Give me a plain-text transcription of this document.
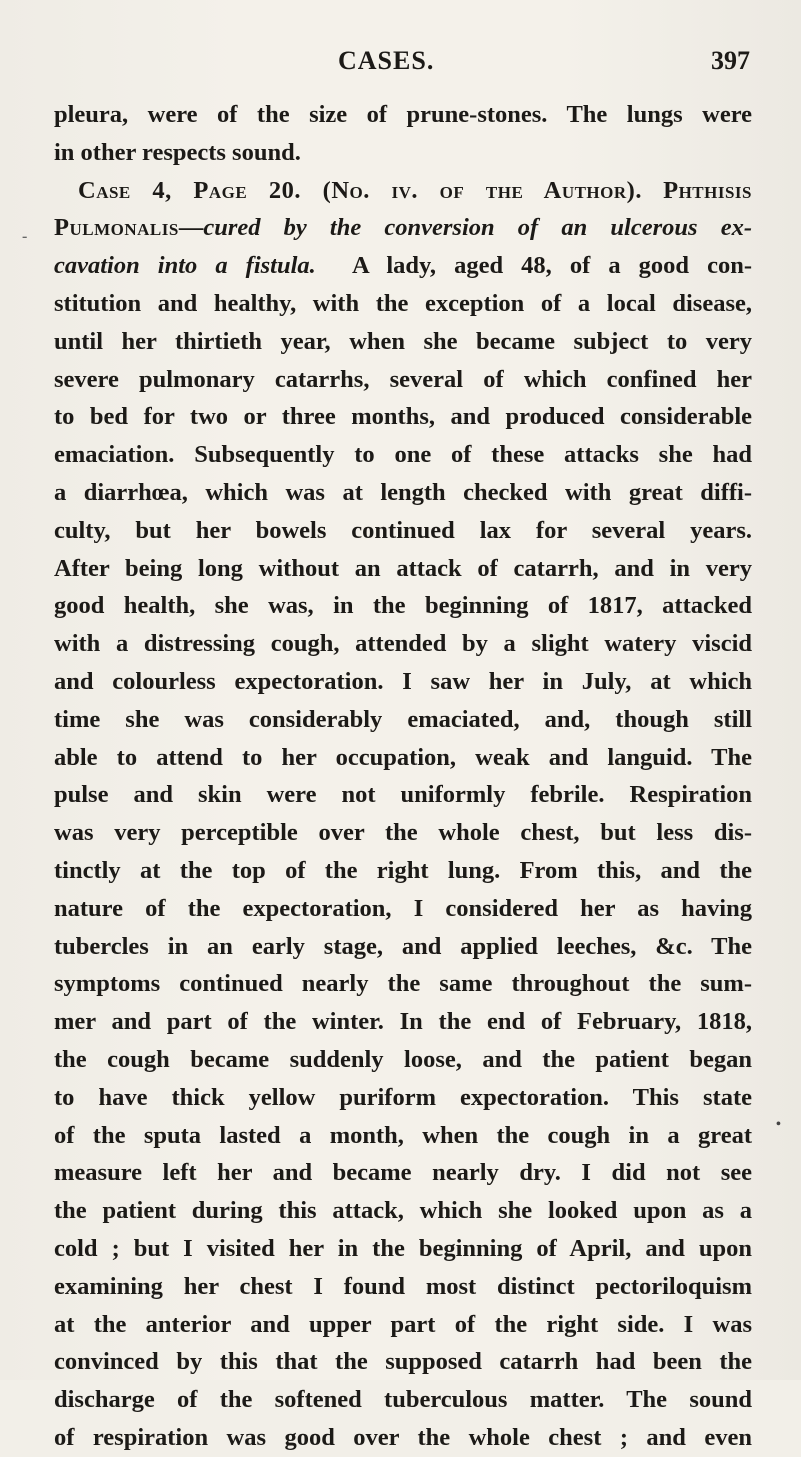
CASES.	397
pleura, were of the size of prune-stones. The lungs were
in other respects sound.
Case 4, Page 20. (No. iv. of the Author). Phthisis
Pulmonalis—cured by the conversion of an ulcerous ex-
cavation into a fistula. A lady, aged 48, of a good con-
stitution and healthy, with the exception of a local disease,
until her thirtieth year, when she became subject to very
severe pulmonary catarrhs, several of which confined her
to bed for two or three months, and produced considerable
emaciation. Subsequently to one of these attacks she had
a diarrhœa, which was at length checked with great diffi-
culty, but her bowels continued lax for several years.
After being long without an attack of catarrh, and in very
good health, she was, in the beginning of 1817, attacked
with a distressing cough, attended by a slight watery viscid
and colourless expectoration. I saw her in July, at which
time she was considerably emaciated, and, though still
able to attend to her occupation, weak and languid. The
pulse and skin were not uniformly febrile. Respiration
was very perceptible over the whole chest, but less dis-
tinctly at the top of the right lung. From this, and the
nature of the expectoration, I considered her as having
tubercles in an early stage, and applied leeches, &c. The
symptoms continued nearly the same throughout the sum-
mer and part of the winter. In the end of February, 1818,
the cough became suddenly loose, and the patient began
to have thick yellow puriform expectoration. This state
of the sputa lasted a month, when the cough in a great
measure left her and became nearly dry. I did not see
the patient during this attack, which she looked upon as a
cold ; but I visited her in the beginning of April, and upon
examining her chest I found most distinct pectoriloquism
at the anterior and upper part of the right side. I was
convinced by this that the supposed catarrh had been the
discharge of the softened tuberculous matter. The sound
of respiration was good over the whole chest ; and even
-
•
